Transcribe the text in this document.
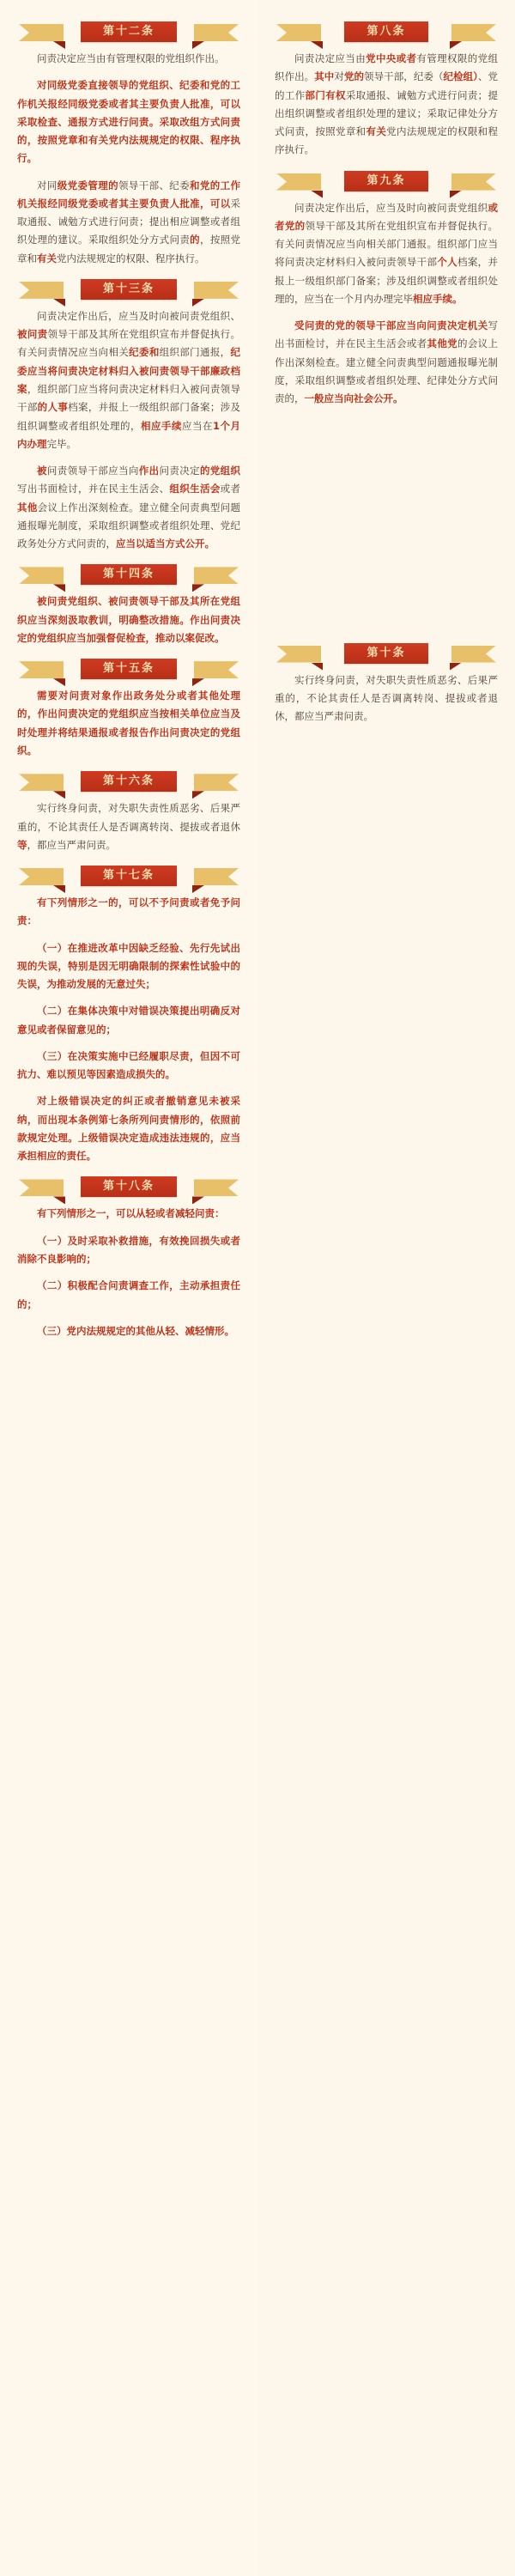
第十二条

问责决定应当由有管理权限的党组织作出。

对同级党委直接领导的党组织、纪委和党的工作机关报经同级党委或者其主要负责人批准，可以采取检查、通报方式进行问责。采取改组方式问责的，按照党章和有关党内法规规定的权限、程序执行。

对同级党委管理的领导干部、纪委和党的工作机关报经同级党委或者其主要负责人批准，可以采取通报、诫勉方式进行问责；提出相应调整或者组织处理的建议。采取组织处分方式问责的，按照党章和有关党内法规规定的权限、程序执行。

第十三条

问责决定作出后，应当及时向被问责党组织、被问责领导干部及其所在党组织宣布并督促执行。有关问责情况应当向相关纪委和组织部门通报，纪委应当将问责决定材料归入被问责领导干部廉政档案，组织部门应当将问责决定材料归入被问责领导干部的人事档案，并报上一级组织部门备案；涉及组织调整或者组织处理的，相应手续应当在1个月内办理完毕。

被问责领导干部应当向作出问责决定的党组织写出书面检讨，并在民主生活会、组织生活会或者其他会议上作出深刻检查。建立健全问责典型问题通报曝光制度，采取组织调整或者组织处理、党纪政务处分方式问责的，应当以适当方式公开。

第十四条

被问责党组织、被问责领导干部及其所在党组织应当深刻汲取教训，明确整改措施。作出问责决定的党组织应当加强督促检查，推动以案促改。

第十五条

需要对问责对象作出政务处分或者其他处理的，作出问责决定的党组织应当按相关单位应当及时处理并将结果通报或者报告作出问责决定的党组织。

第十六条

实行终身问责，对失职失责性质恶劣、后果严重的，不论其责任人是否调离转岗、提拔或者退休等，都应当严肃问责。

第十七条

有下列情形之一的，可以不予问责或者免予问责：

（一）在推进改革中因缺乏经验、先行先试出现的失误，特别是因无明确限制的探索性试验中的失误，为推动发展的无意过失；

（二）在集体决策中对错误决策提出明确反对意见或者保留意见的；

（三）在决策实施中已经履职尽责，但因不可抗力、难以预见等因素造成损失的。

对上级错误决定的纠正或者撤销意见未被采纳，而出现本条例第七条所列问责情形的，依照前款规定处理。上级错误决定造成违法违规的，应当承担相应的责任。

第十八条

有下列情形之一，可以从轻或者减轻问责：

（一）及时采取补救措施，有效挽回损失或者消除不良影响的；

（二）积极配合问责调查工作，主动承担责任的；

（三）党内法规规定的其他从轻、减轻情形。

第八条

问责决定应当由党中央或者有管理权限的党组织作出。其中对党的领导干部，纪委（纪检组）、党的工作部门有权采取通报、诫勉方式进行问责；提出组织调整或者组织处理的建议；采取记律处分方式问责，按照党章和有关党内法规规定的权限和程序执行。

第九条

问责决定作出后，应当及时向被问责党组织或者党的领导干部及其所在党组织宣布并督促执行。有关问责情况应当向相关部门通报。组织部门应当将问责决定材料归入被问责领导干部个人档案，并报上一级组织部门备案；涉及组织调整或者组织处理的，应当在一个月内办理完毕相应手续。

受问责的党的领导干部应当向问责决定机关写出书面检讨，并在民主生活会或者其他党的会议上作出深刻检查。建立健全问责典型问题通报曝光制度，采取组织调整或者组织处理、纪律处分方式问责的，一般应当向社会公开。

第十条

实行终身问责，对失职失责性质恶劣、后果严重的，不论其责任人是否调离转岗、提拔或者退休，都应当严肃问责。
